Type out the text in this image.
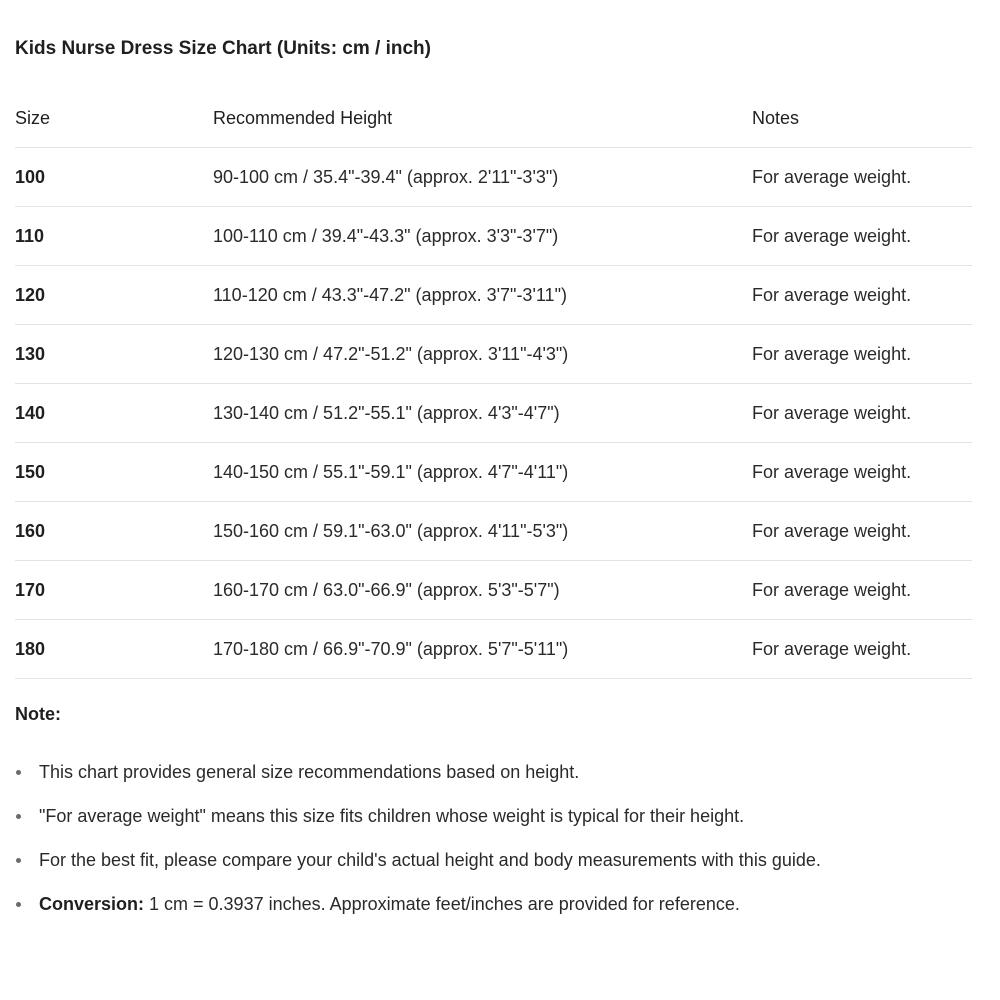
Kids Nurse Dress Size Chart (Units: cm / inch)
Size	Recommended Height	Notes
100	90-100 cm / 35.4"-39.4" (approx. 2'11"-3'3")	For average weight.
110	100-110 cm / 39.4"-43.3" (approx. 3'3"-3'7")	For average weight.
120	110-120 cm / 43.3"-47.2" (approx. 3'7"-3'11")	For average weight.
130	120-130 cm / 47.2"-51.2" (approx. 3'11"-4'3")	For average weight.
140	130-140 cm / 51.2"-55.1" (approx. 4'3"-4'7")	For average weight.
150	140-150 cm / 55.1"-59.1" (approx. 4'7"-4'11")	For average weight.
160	150-160 cm / 59.1"-63.0" (approx. 4'11"-5'3")	For average weight.
170	160-170 cm / 63.0"-66.9" (approx. 5'3"-5'7")	For average weight.
180	170-180 cm / 66.9"-70.9" (approx. 5'7"-5'11")	For average weight.
Note:
This chart provides general size recommendations based on height.
"For average weight" means this size fits children whose weight is typical for their height.
For the best fit, please compare your child's actual height and body measurements with this guide.
Conversion: 1 cm = 0.3937 inches. Approximate feet/inches are provided for reference.
